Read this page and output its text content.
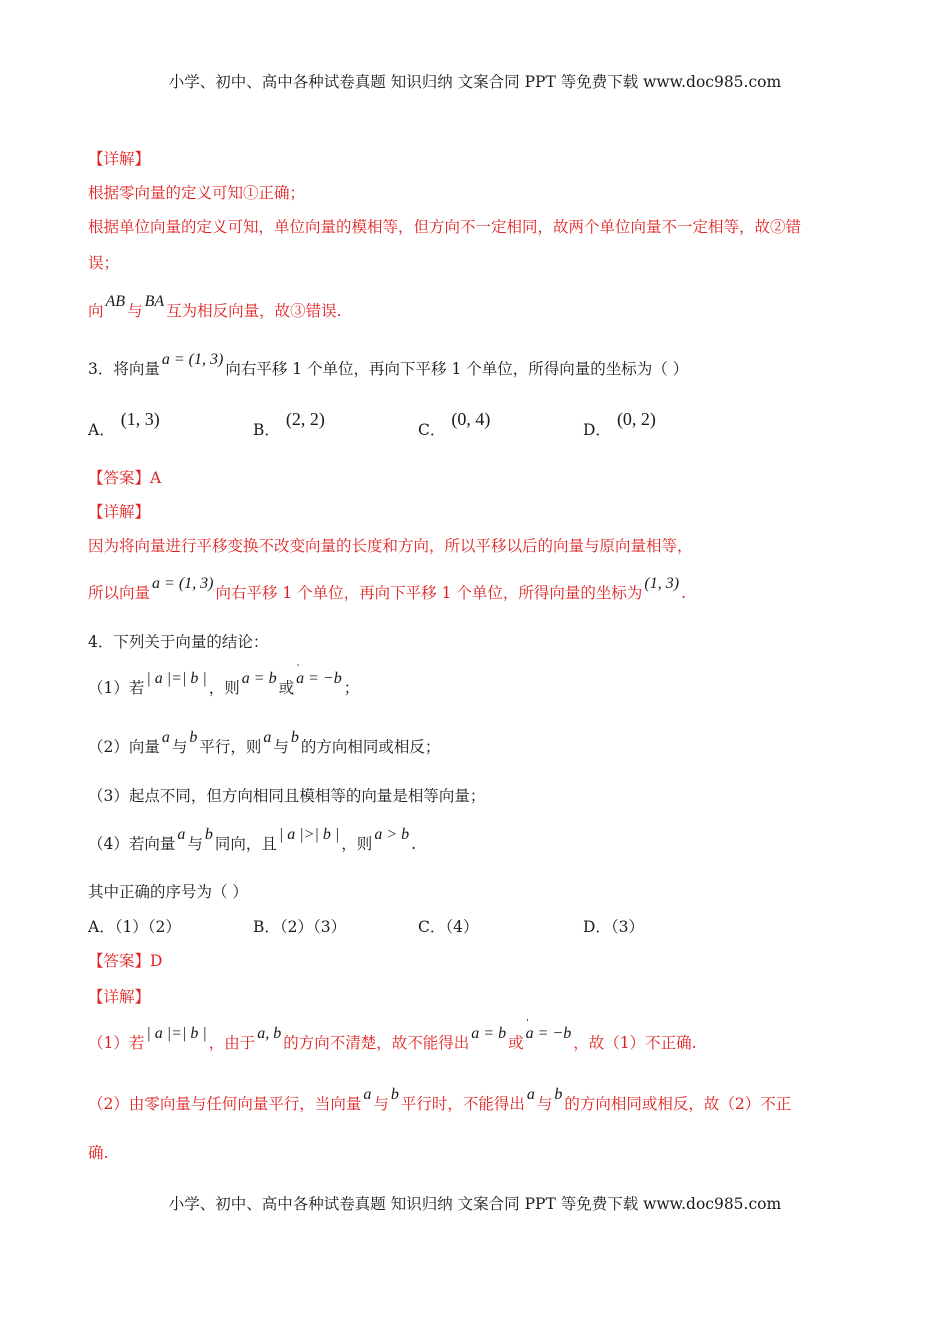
小学、初中、高中各种试卷真题 知识归纳 文案合同 PPT 等免费下载 www.doc985.com
【详解】
根据零向量的定义可知①正确；
根据单位向量的定义可知，单位向量的模相等，但方向不一定相同，故两个单位向量不一定相等，故②错
误；
向AB与BA互为相反向量，故③错误.
3．将向量a = (1, 3)向右平移 1 个单位，再向下平移 1 个单位，所得向量的坐标为（ ）
A．(1, 3)
B．(2, 2)
C．(0, 4)
D．(0, 2)
【答案】A
【详解】
因为将向量进行平移变换不改变向量的长度和方向，所以平移以后的向量与原向量相等，
所以向量a = (1, 3)向右平移 1 个单位，再向下平移 1 个单位，所得向量的坐标为(1, 3).
4．下列关于向量的结论：
（1）若| a |=| b |，则a = b或' a = −b；
（2）向量a与b平行，则a与b的方向相同或相反；
（3）起点不同，但方向相同且模相等的向量是相等向量；
（4）若向量a与b同向，且| a |>| b |，则a > b.
其中正确的序号为（ ）
A．（1）（2）	B．（2）（3）	C．（4）	D．（3）
【答案】D
【详解】
（1）若| a |=| b |，由于a, b的方向不清楚，故不能得出a = b或' a = −b，故（1）不正确.
（2）由零向量与任何向量平行，当向量a与b平行时，不能得出a与b的方向相同或相反，故（2）不正
确.
小学、初中、高中各种试卷真题 知识归纳 文案合同 PPT 等免费下载 www.doc985.com
